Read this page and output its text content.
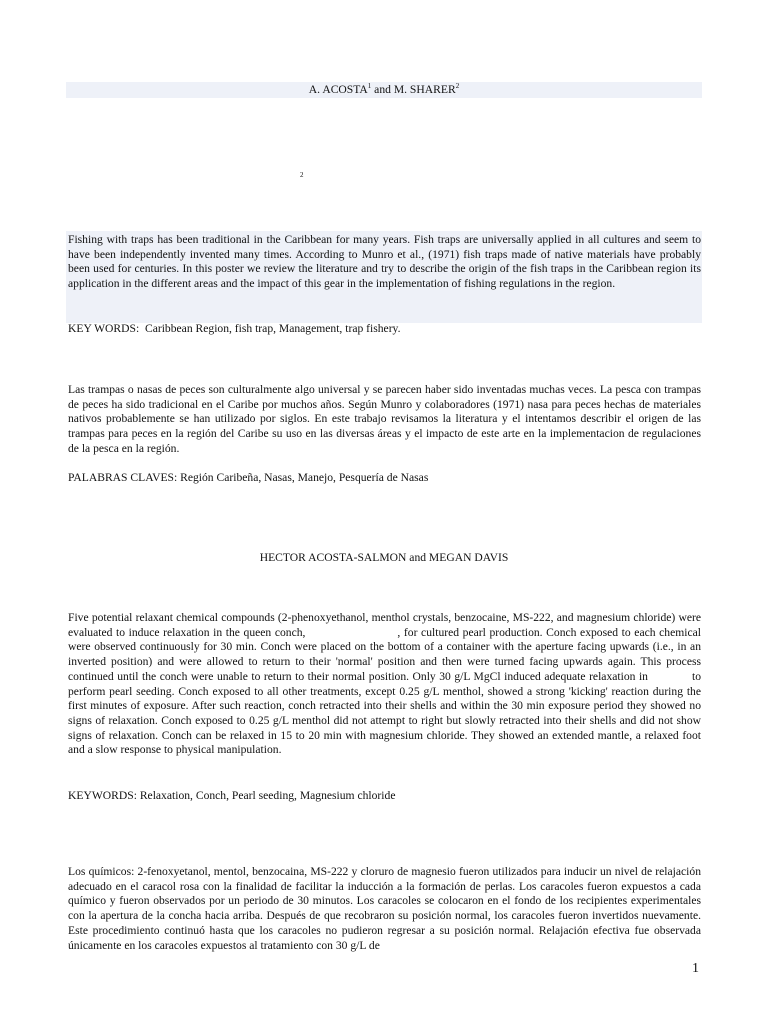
A. ACOSTA$^1$ and M. SHARER$^2$
2
Fishing with traps has been traditional in the Caribbean for many years. Fish traps are universally applied in all cultures and seem to have been independently invented many times. According to Munro et al., (1971) fish traps made of native materials have probably been used for centuries. In this poster we review the literature and try to describe the origin of the fish traps in the Caribbean region its application in the different areas and the impact of this gear in the implementation of fishing regulations in the region.
KEY WORDS:  Caribbean Region, fish trap, Management, trap fishery.
Las trampas o nasas de peces son culturalmente algo universal y se parecen haber sido inventadas muchas veces. La pesca con trampas de peces ha sido tradicional en el Caribe por muchos años. Según Munro y colaboradores (1971) nasa para peces hechas de materiales nativos probablemente se han utilizado por siglos. En este trabajo revisamos la literatura y el intentamos describir el origen de las trampas para peces en la región del Caribe su uso en las diversas áreas y el impacto de este arte en la implementacion de regulaciones de la pesca en la región.
PALABRAS CLAVES: Región Caribeña, Nasas, Manejo, Pesquería de Nasas
HECTOR ACOSTA-SALMON and MEGAN DAVIS
Five potential relaxant chemical compounds (2-phenoxyethanol, menthol crystals, benzocaine, MS-222, and magnesium chloride) were evaluated to induce relaxation in the queen conch,	, for cultured pearl production. Conch exposed to each chemical were observed continuously for 30 min. Conch were placed on the bottom of a container with the aperture facing upwards (i.e., in an inverted position) and were allowed to return to their 'normal' position and then were turned facing upwards again. This process continued until the conch were unable to return to their normal position. Only 30 g/L MgCl induced adequate relaxation in	to perform pearl seeding. Conch exposed to all other treatments, except 0.25 g/L menthol, showed a strong 'kicking' reaction during the first minutes of exposure. After such reaction, conch retracted into their shells and within the 30 min exposure period they showed no signs of relaxation. Conch exposed to 0.25 g/L menthol did not attempt to right but slowly retracted into their shells and did not show signs of relaxation. Conch can be relaxed in 15 to 20 min with magnesium chloride. They showed an extended mantle, a relaxed foot and a slow response to physical manipulation.
KEYWORDS: Relaxation, Conch, Pearl seeding, Magnesium chloride
Los químicos: 2-fenoxyetanol, mentol, benzocaina, MS-222 y cloruro de magnesio fueron utilizados para inducir un nivel de relajación adecuado en el caracol rosa con la finalidad de facilitar la inducción a la formación de perlas. Los caracoles fueron expuestos a cada químico y fueron observados por un periodo de 30 minutos. Los caracoles se colocaron en el fondo de los recipientes experimentales con la apertura de la concha hacia arriba. Después de que recobraron su posición normal, los caracoles fueron invertidos nuevamente. Este procedimiento continuó hasta que los caracoles no pudieron regresar a su posición normal. Relajación efectiva fue observada únicamente en los caracoles expuestos al tratamiento con 30 g/L de
1
